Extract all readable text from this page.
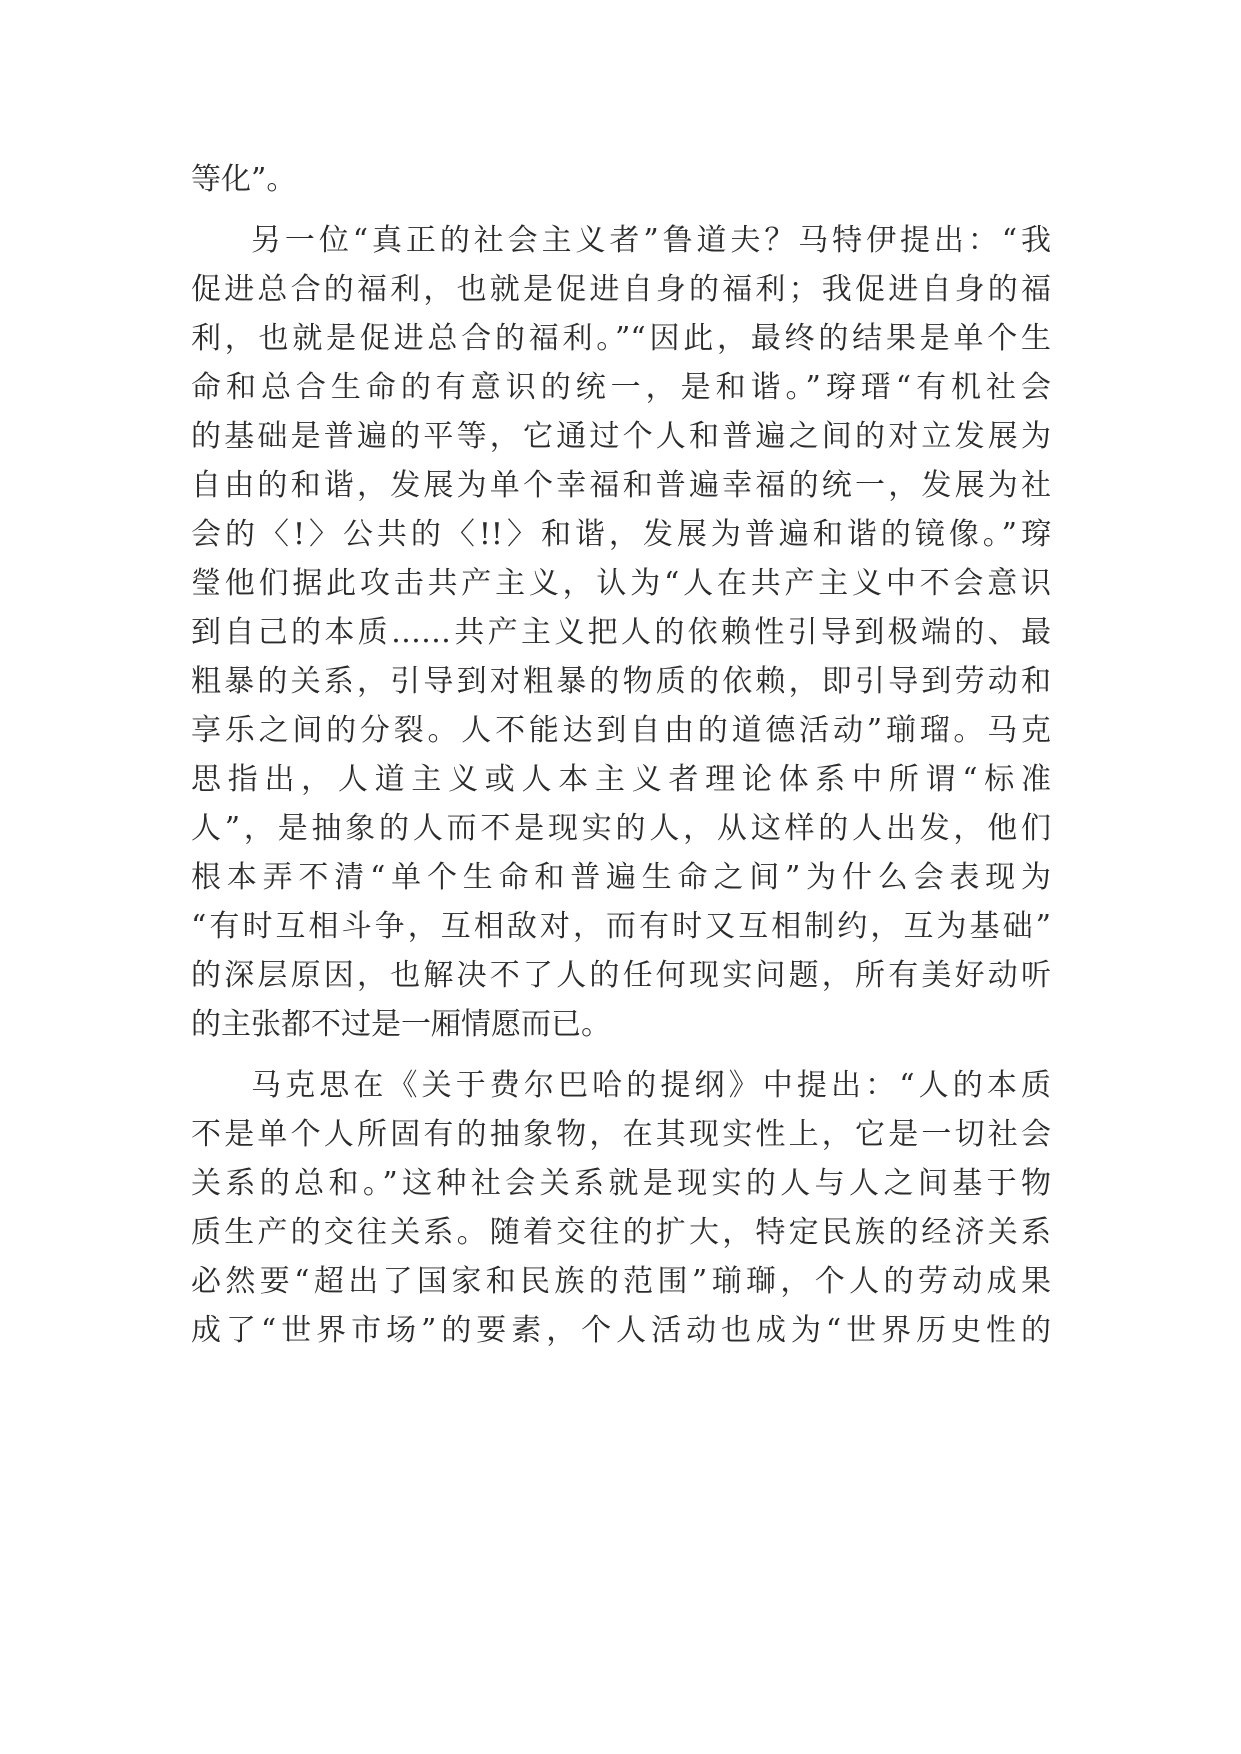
等化”。
另一位“真正的社会主义者”鲁道夫？马特伊提出：“我
促进总合的福利，也就是促进自身的福利；我促进自身的福
利，也就是促进总合的福利。”“因此，最终的结果是单个生
命和总合生命的有意识的统一，是和谐。”瑏瑨“有机社会
的基础是普遍的平等，它通过个人和普遍之间的对立发展为
自由的和谐，发展为单个幸福和普遍幸福的统一，发展为社
会的〈!〉公共的〈!!〉和谐，发展为普遍和谐的镜像。”瑏
瑩他们据此攻击共产主义，认为“人在共产主义中不会意识
到自己的本质……共产主义把人的依赖性引导到极端的、最
粗暴的关系，引导到对粗暴的物质的依赖，即引导到劳动和
享乐之间的分裂。人不能达到自由的道德活动”瑐瑠。马克
思指出，人道主义或人本主义者理论体系中所谓“标准
人”，是抽象的人而不是现实的人，从这样的人出发，他们
根本弄不清“单个生命和普遍生命之间”为什么会表现为
“有时互相斗争，互相敌对，而有时又互相制约，互为基础”
的深层原因，也解决不了人的任何现实问题，所有美好动听
的主张都不过是一厢情愿而已。
马克思在《关于费尔巴哈的提纲》中提出：“人的本质
不是单个人所固有的抽象物，在其现实性上，它是一切社会
关系的总和。”这种社会关系就是现实的人与人之间基于物
质生产的交往关系。随着交往的扩大，特定民族的经济关系
必然要“超出了国家和民族的范围”瑐瑡，个人的劳动成果
成了“世界市场”的要素，个人活动也成为“世界历史性的
